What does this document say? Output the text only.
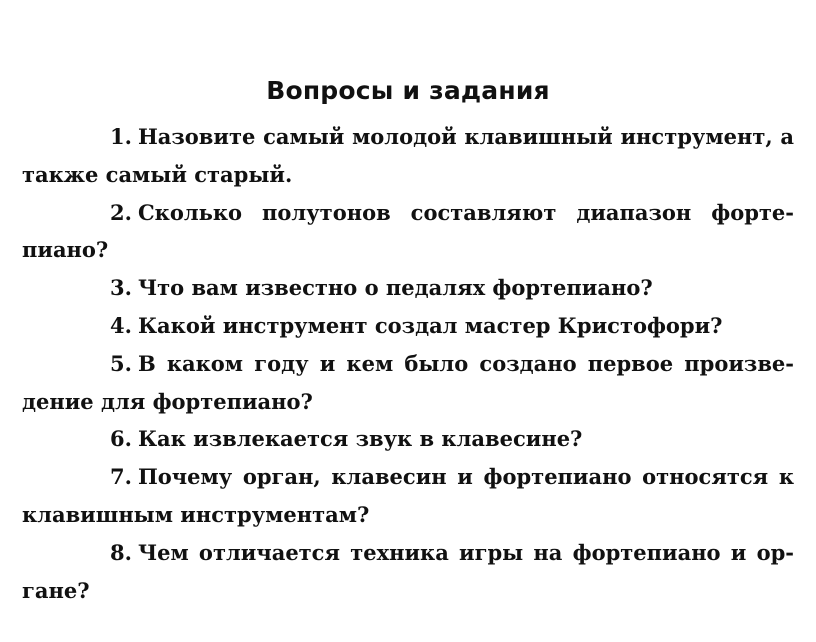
Вопросы и задания

1. Назовите самый молодой клавишный инструмент, а также самый старый.

2. Сколько полутонов составляют диапазон форте-пиано?

3. Что вам известно о педалях фортепиано?

4. Какой инструмент создал мастер Кристофори?

5. В каком году и кем было создано первое произве-дение для фортепиано?

6. Как извлекается звук в клавесине?

7. Почему орган, клавесин и фортепиано относятся к клавишным инструментам?

8. Чем отличается техника игры на фортепиано и ор-гане?
